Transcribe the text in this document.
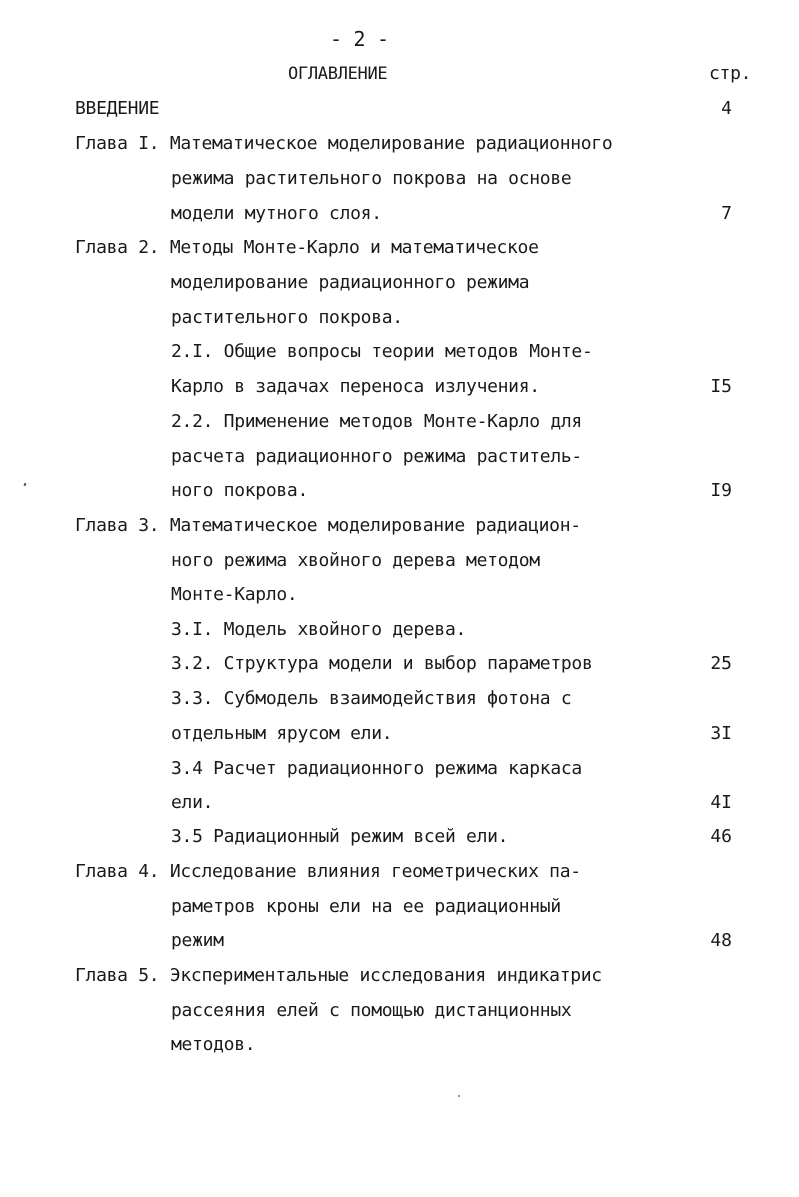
- 2 -
ОГЛАВЛЕНИЕ	стр.
ВВЕДЕНИЕ	4
Глава I. Математическое моделирование радиационного
режима растительного покрова на основе
модели мутного слоя.	7
Глава 2. Методы Монте-Карло и математическое
моделирование радиационного режима
растительного покрова.
2.I. Общие вопросы теории методов Монте-
Карло в задачах переноса излучения.	I5
2.2. Применение методов Монте-Карло для
расчета радиационного режима раститель-
ного покрова.	I9
Глава 3. Математическое моделирование радиацион-
ного режима хвойного дерева методом
Монте-Карло.
3.I. Модель хвойного дерева.
3.2. Структура модели и выбор параметров	25
3.3. Субмодель взаимодействия фотона с
отдельным ярусом ели.	3I
3.4 Расчет радиационного режима каркаса
ели.	4I
3.5 Радиационный режим всей ели.	46
Глава 4. Исследование влияния геометрических па-
раметров кроны ели на ее радиационный
режим	48
Глава 5. Экспериментальные исследования индикатрис
рассеяния елей с помощью дистанционных
методов.
